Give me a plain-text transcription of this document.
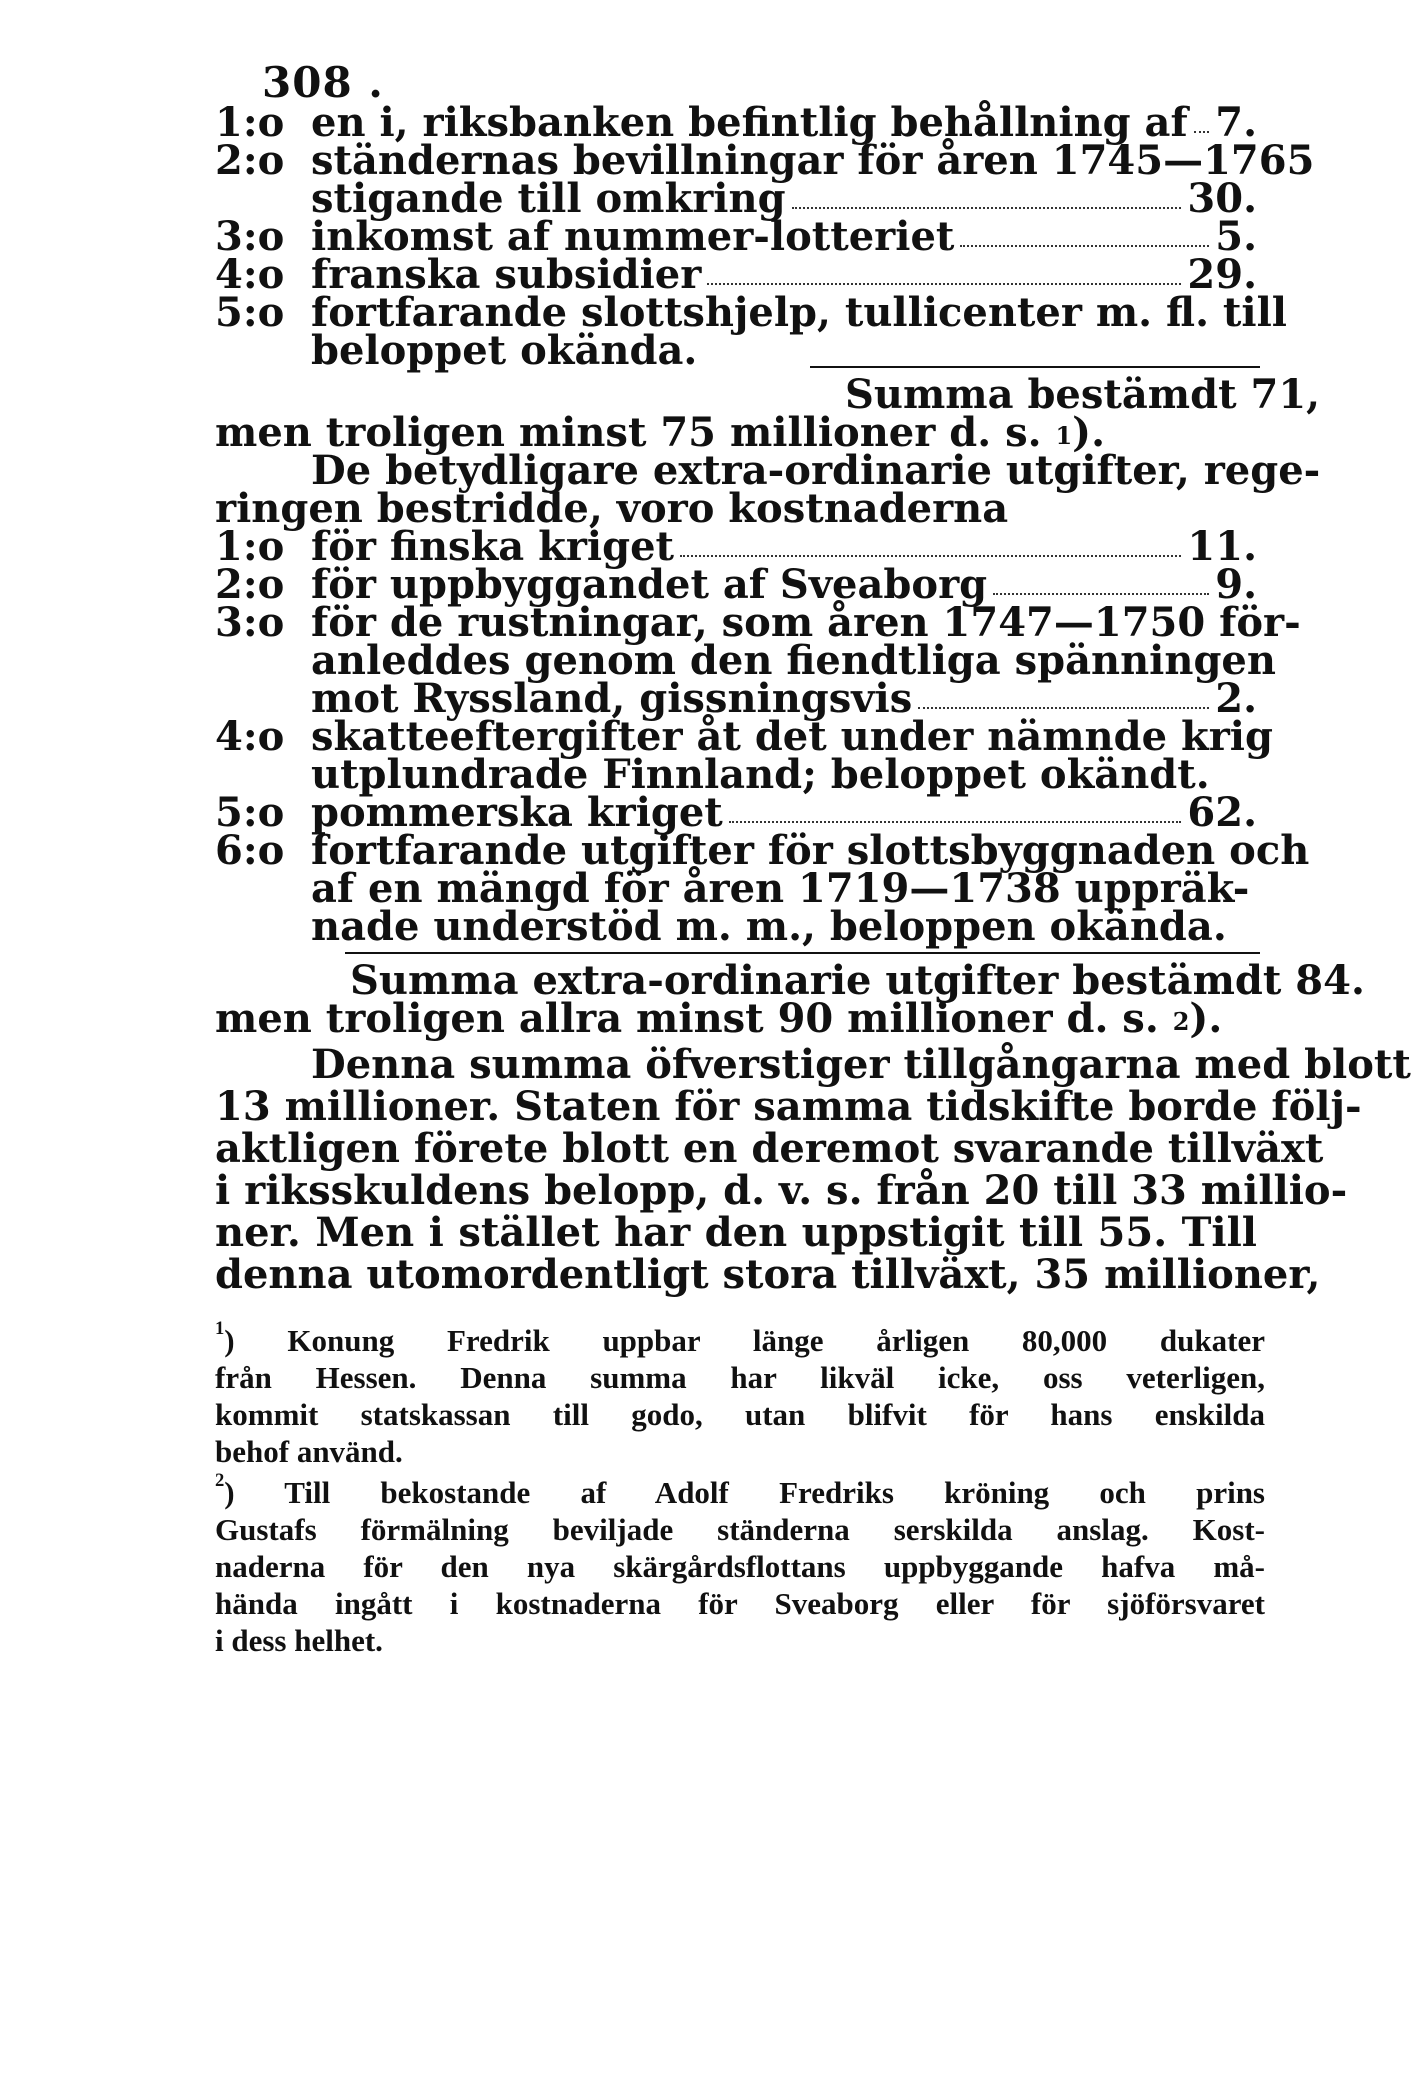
308 .
1:o en i, riksbanken befintlig behållning af 7.
2:o ständernas bevillningar för åren 1745—1765
stigande till omkring	30.
3:o inkomst af nummer-lotteriet	5.
4:o franska subsidier	29.
5:o fortfarande slottshjelp, tullicenter m. fl. till
beloppet okända.
Summa bestämdt 71,
men troligen minst 75 millioner d. s.
$^1$ ).
De betydligare extra-ordinarie utgifter, rege-
ringen bestridde, voro kostnaderna
1:o för finska kriget	11.
2:o för uppbyggandet af Sveaborg	9.
3:o för de rustningar, som åren 1747—1750 för-
anleddes genom den fiendtliga spänningen
mot Ryssland, gissningsvis	2.
4:o skatteeftergifter åt det under nämnde krig
utplundrade Finnland; beloppet okändt.
5:o pommerska kriget	62.
6:o fortfarande utgifter för slottsbyggnaden och
af en mängd för åren 1719—1738 uppräk-
nade understöd m. m., beloppen okända.
Summa extra-ordinarie utgifter bestämdt 84.
men troligen allra minst 90 millioner d. s.
$^2$ ).
Denna summa öfverstiger tillgångarna med blott
13 millioner. Staten för samma tidskifte borde följ-
aktligen förete blott en deremot svarande tillväxt
i riksskuldens belopp, d. v. s. från 20 till 33 millio-
ner. Men i stället har den uppstigit till 55. Till
denna utomordentligt stora tillväxt, 35 millioner,
$^1$) Konung Fredrik uppbar länge årligen 80,000 dukater
från Hessen. Denna summa har likväl icke, oss veterligen,
kommit statskassan till godo, utan blifvit för hans enskilda
behof använd.
$^2$) Till bekostande af Adolf Fredriks kröning och prins
Gustafs förmälning beviljade ständerna serskilda anslag. Kost-
naderna för den nya skärgårdsflottans uppbyggande hafva må-
hända ingått i kostnaderna för Sveaborg eller för sjöförsvaret
i dess helhet.
